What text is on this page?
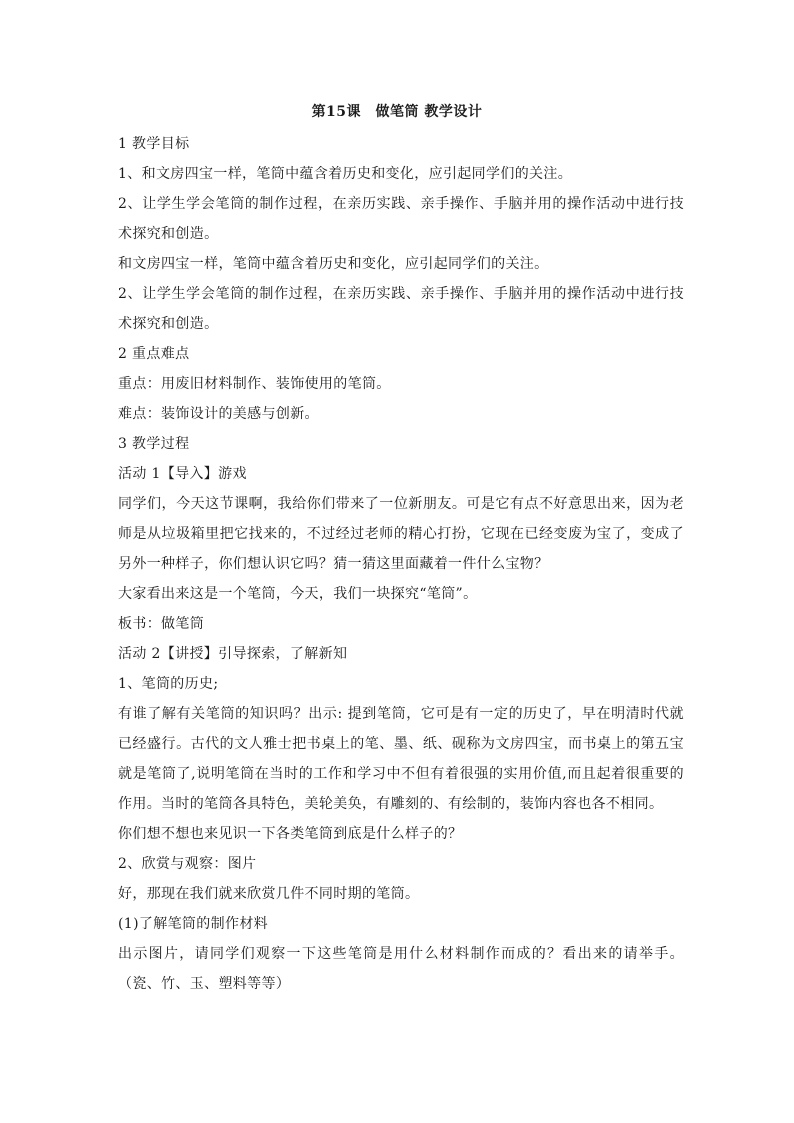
第15课　做笔筒 教学设计

1 教学目标

1、和文房四宝一样，笔筒中蕴含着历史和变化，应引起同学们的关注。

2、让学生学会笔筒的制作过程，在亲历实践、亲手操作、手脑并用的操作活动中进行技术探究和创造。

和文房四宝一样，笔筒中蕴含着历史和变化，应引起同学们的关注。

2、让学生学会笔筒的制作过程，在亲历实践、亲手操作、手脑并用的操作活动中进行技术探究和创造。

2 重点难点

重点：用废旧材料制作、装饰使用的笔筒。

难点：装饰设计的美感与创新。

3 教学过程

活动 1【导入】游戏

同学们，今天这节课啊，我给你们带来了一位新朋友。可是它有点不好意思出来，因为老师是从垃圾箱里把它找来的，不过经过老师的精心打扮，它现在已经变废为宝了，变成了另外一种样子，你们想认识它吗？猜一猜这里面藏着一件什么宝物？

大家看出来这是一个笔筒，今天，我们一块探究“笔筒”。

板书：做笔筒

活动 2【讲授】引导探索，了解新知

1、笔筒的历史;

有谁了解有关笔筒的知识吗？出示: 提到笔筒，它可是有一定的历史了，早在明清时代就已经盛行。古代的文人雅士把书桌上的笔、墨、纸、砚称为文房四宝，而书桌上的第五宝就是笔筒了,说明笔筒在当时的工作和学习中不但有着很强的实用价值,而且起着很重要的作用。当时的笔筒各具特色，美轮美奂，有雕刻的、有绘制的，装饰内容也各不相同。

你们想不想也来见识一下各类笔筒到底是什么样子的？

2、欣赏与观察：图片

好，那现在我们就来欣赏几件不同时期的笔筒。

(1)了解笔筒的制作材料

出示图片，请同学们观察一下这些笔筒是用什么材料制作而成的？看出来的请举手。（瓷、竹、玉、塑料等等）
